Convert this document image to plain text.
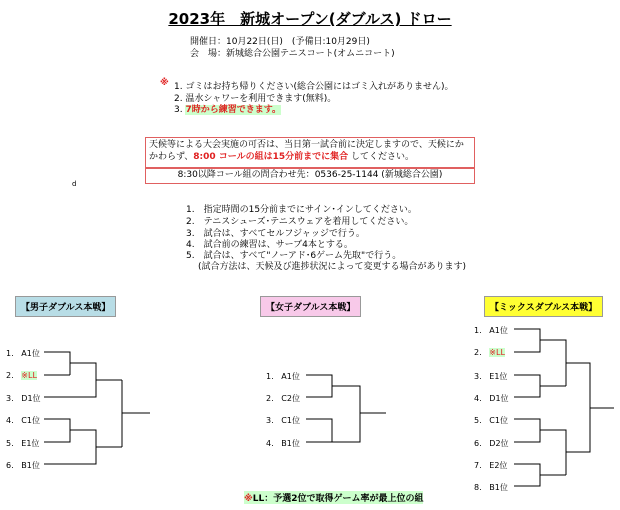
2023年　新城オープン(ダブルス) ドロー
開催日：10月22日(日)　(予備日:10月29日)
会　場：新城総合公園テニスコート(オムニコート)
※ 1. ゴミはお持ち帰りください(総合公園にはゴミ入れがありません)。
2. 温水シャワーを利用できます(無料)。
3. 7時から練習できます。
天候等による大会実施の可否は、当日第一試合前に決定しますので、天候にかかわらず、8:00 コールの組は15分前までに集合 してください。
8:30以降コール組の問合わせ先：0536-25-1144 (新城総合公園)
d
1.　指定時間の15分前までにサイン･インしてください。
2.　テニスシューズ･テニスウェアを着用してください。
3.　試合は、すべてセルフジャッジで行う。
4.　試合前の練習は、サーブ4本とする。
5.　試合は、すべて"ノーアド･6ゲーム先取"で行う。
(試合方法は、天候及び進捗状況によって変更する場合があります)
【男子ダブルス本戦】	【女子ダブルス本戦】	【ミックスダブルス本戦】
1. A1位
2. ※LL
3. D1位
4. C1位
5. E1位
6. B1位
1. A1位
2. C2位
3. C1位
4. B1位
1. A1位
2. ※LL
3. E1位
4. D1位
5. C1位
6. D2位
7. E2位
8. B1位
※LL：予選2位で取得ゲーム率が最上位の組
